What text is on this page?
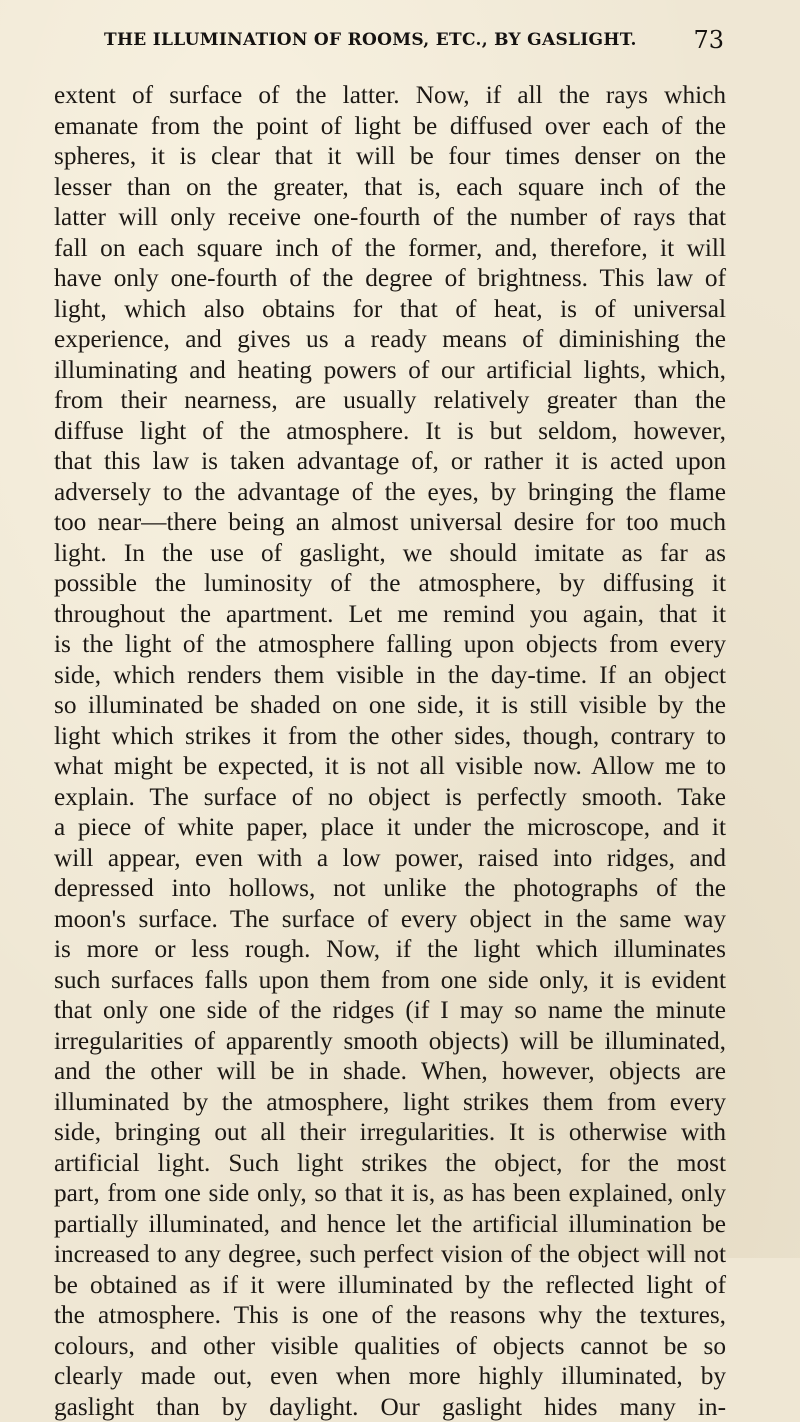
THE ILLUMINATION OF ROOMS, ETC., BY GASLIGHT. 73
extent of surface of the latter. Now, if all the rays which
emanate from the point of light be diffused over each of the
spheres, it is clear that it will be four times denser on the
lesser than on the greater, that is, each square inch of the
latter will only receive one-fourth of the number of rays that
fall on each square inch of the former, and, therefore, it will
have only one-fourth of the degree of brightness. This law of
light, which also obtains for that of heat, is of universal
experience, and gives us a ready means of diminishing the
illuminating and heating powers of our artificial lights, which,
from their nearness, are usually relatively greater than the
diffuse light of the atmosphere. It is but seldom, however,
that this law is taken advantage of, or rather it is acted upon
adversely to the advantage of the eyes, by bringing the flame
too near—there being an almost universal desire for too much
light. In the use of gaslight, we should imitate as far as
possible the luminosity of the atmosphere, by diffusing it
throughout the apartment. Let me remind you again, that it
is the light of the atmosphere falling upon objects from every
side, which renders them visible in the day-time. If an object
so illuminated be shaded on one side, it is still visible by the
light which strikes it from the other sides, though, contrary to
what might be expected, it is not all visible now. Allow me to
explain. The surface of no object is perfectly smooth. Take
a piece of white paper, place it under the microscope, and it
will appear, even with a low power, raised into ridges, and
depressed into hollows, not unlike the photographs of the
moon's surface. The surface of every object in the same way
is more or less rough. Now, if the light which illuminates
such surfaces falls upon them from one side only, it is evident
that only one side of the ridges (if I may so name the minute
irregularities of apparently smooth objects) will be illuminated,
and the other will be in shade. When, however, objects are
illuminated by the atmosphere, light strikes them from every
side, bringing out all their irregularities. It is otherwise with
artificial light. Such light strikes the object, for the most
part, from one side only, so that it is, as has been explained, only
partially illuminated, and hence let the artificial illumination be
increased to any degree, such perfect vision of the object will not
be obtained as if it were illuminated by the reflected light of
the atmosphere. This is one of the reasons why the textures,
colours, and other visible qualities of objects cannot be so
clearly made out, even when more highly illuminated, by
gaslight than by daylight. Our gaslight hides many in-
